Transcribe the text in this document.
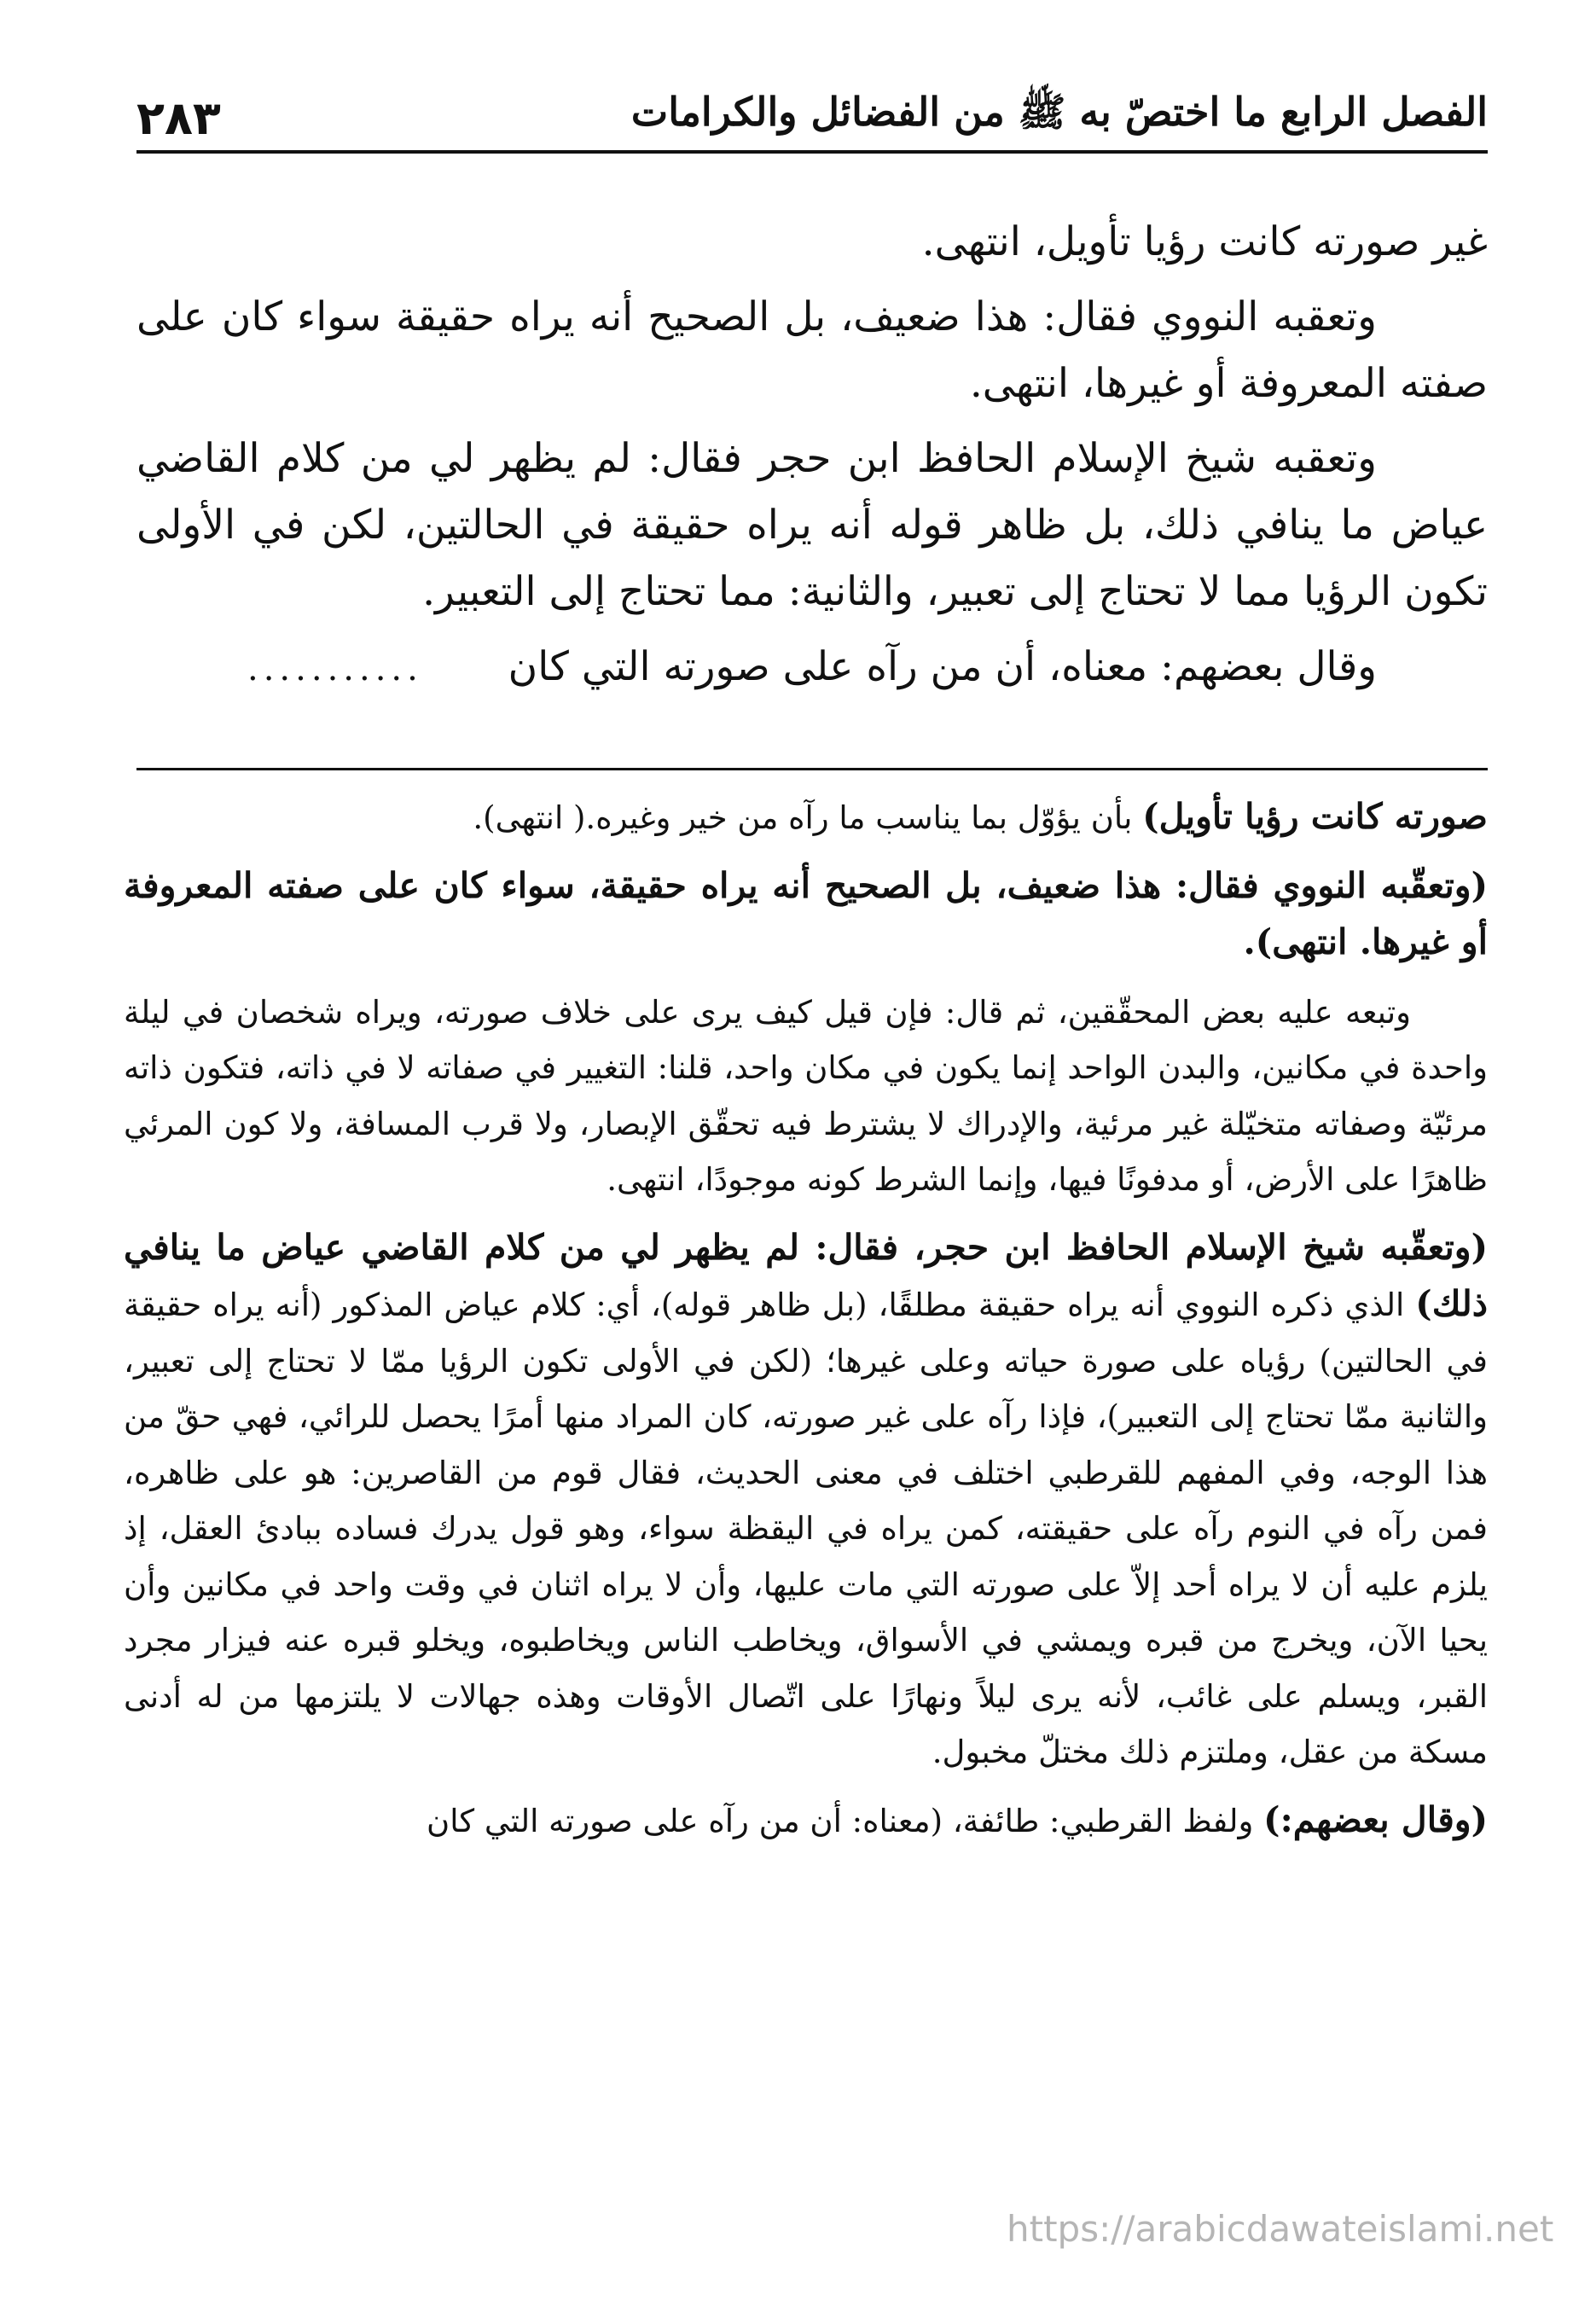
الفصل الرابع ما اختصّ به ﷺ من الفضائل والكرامات
٢٨٣

غير صورته كانت رؤيا تأويل، انتهى.

وتعقبه النووي فقال: هذا ضعيف، بل الصحيح أنه يراه حقيقة سواء كان على صفته المعروفة أو غيرها، انتهى.

وتعقبه شيخ الإسلام الحافظ ابن حجر فقال: لم يظهر لي من كلام القاضي عياض ما ينافي ذلك، بل ظاهر قوله أنه يراه حقيقة في الحالتين، لكن في الأولى تكون الرؤيا مما لا تحتاج إلى تعبير، والثانية: مما تحتاج إلى التعبير.

وقال بعضهم: معناه، أن من رآه على صورته التي كان
...........

صورته كانت رؤيا تأويل) بأن يؤوّل بما يناسب ما رآه من خير وغيره.( انتهى).

(وتعقّبه النووي فقال: هذا ضعيف، بل الصحيح أنه يراه حقيقة، سواء كان على صفته المعروفة أو غيرها. انتهى).

وتبعه عليه بعض المحقّقين، ثم قال: فإن قيل كيف يرى على خلاف صورته، ويراه شخصان في ليلة واحدة في مكانين، والبدن الواحد إنما يكون في مكان واحد، قلنا: التغيير في صفاته لا في ذاته، فتكون ذاته مرئيّة وصفاته متخيّلة غير مرئية، والإدراك لا يشترط فيه تحقّق الإبصار، ولا قرب المسافة، ولا كون المرئي ظاهرًا على الأرض، أو مدفونًا فيها، وإنما الشرط كونه موجودًا، انتهى.

(وتعقّبه شيخ الإسلام الحافظ ابن حجر، فقال: لم يظهر لي من كلام القاضي عياض ما ينافي ذلك) الذي ذكره النووي أنه يراه حقيقة مطلقًا، (بل ظاهر قوله)، أي: كلام عياض المذكور (أنه يراه حقيقة في الحالتين) رؤياه على صورة حياته وعلى غيرها؛ (لكن في الأولى تكون الرؤيا ممّا لا تحتاج إلى تعبير، والثانية ممّا تحتاج إلى التعبير)، فإذا رآه على غير صورته، كان المراد منها أمرًا يحصل للرائي، فهي حقّ من هذا الوجه، وفي المفهم للقرطبي اختلف في معنى الحديث، فقال قوم من القاصرين: هو على ظاهره، فمن رآه في النوم رآه على حقيقته، كمن يراه في اليقظة سواء، وهو قول يدرك فساده ببادئ العقل، إذ يلزم عليه أن لا يراه أحد إلاّ على صورته التي مات عليها، وأن لا يراه اثنان في وقت واحد في مكانين وأن يحيا الآن، ويخرج من قبره ويمشي في الأسواق، ويخاطب الناس ويخاطبوه، ويخلو قبره عنه فيزار مجرد القبر، ويسلم على غائب، لأنه يرى ليلاً ونهارًا على اتّصال الأوقات وهذه جهالات لا يلتزمها من له أدنى مسكة من عقل، وملتزم ذلك مختلّ مخبول.

(وقال بعضهم:) ولفظ القرطبي: طائفة، (معناه: أن من رآه على صورته التي كان

https://arabicdawateislami.net
